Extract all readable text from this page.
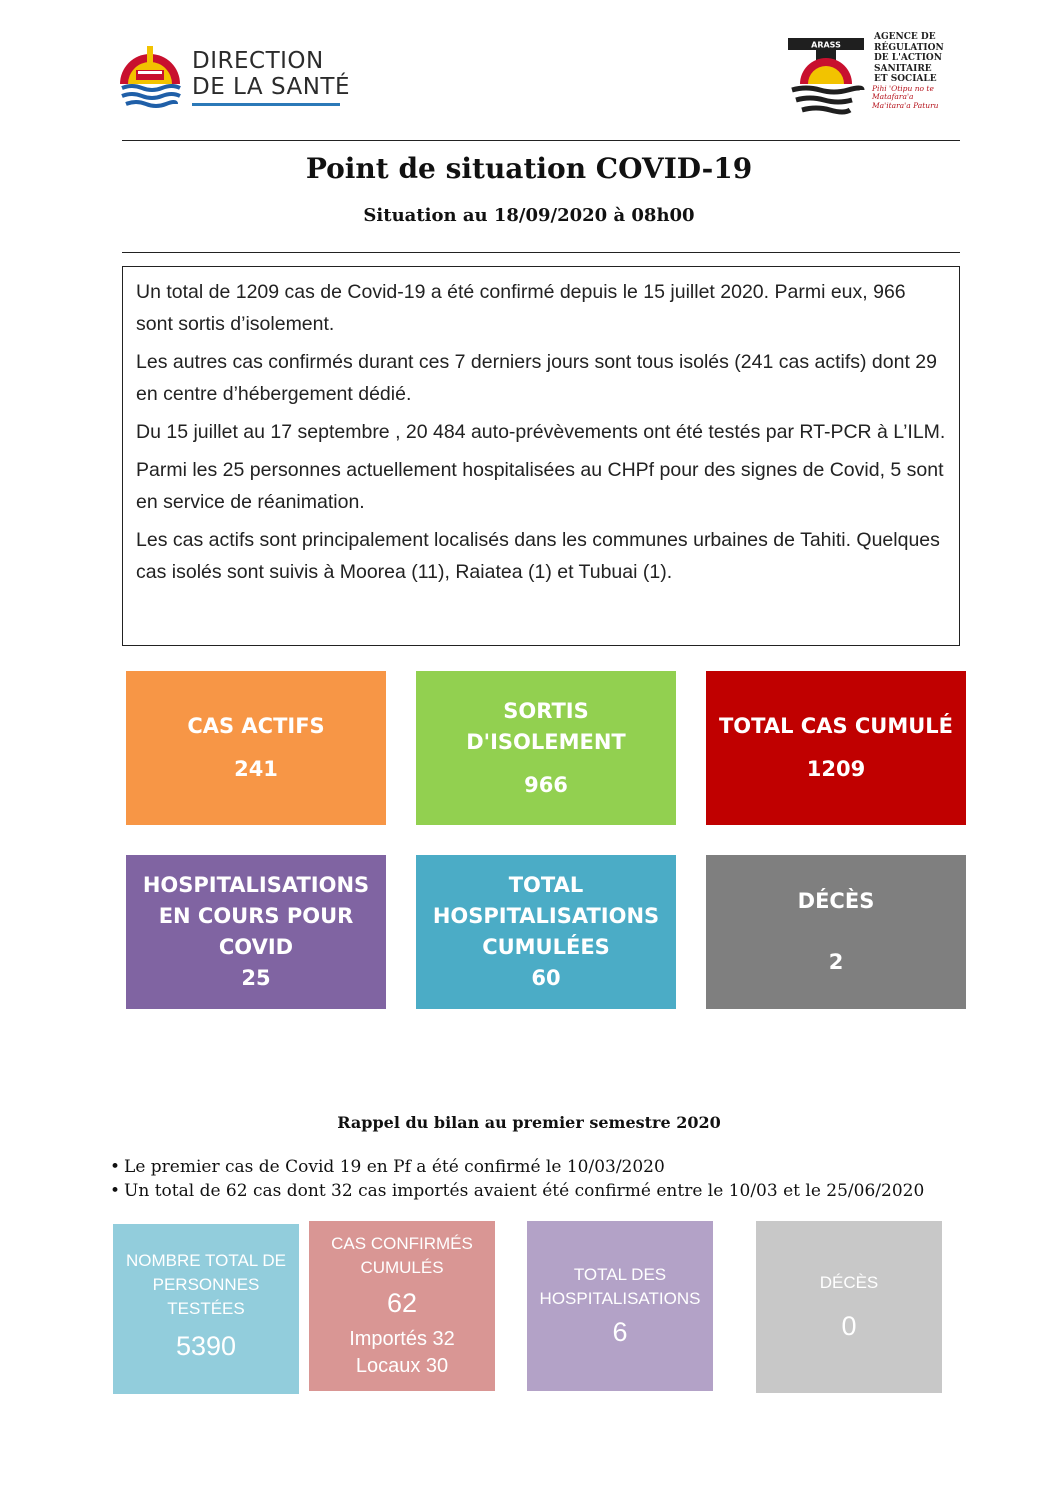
DIRECTION
DE LA SANTÉ
ARASS
AGENCE DE
RÉGULATION
DE L'ACTION
SANITAIRE
ET SOCIALE
Pihi 'Otipu no te Matafara'a Ma'itara'a Paturu
Point de situation COVID-19
Situation au 18/09/2020 à 08h00

Un total de 1209 cas de Covid-19 a été confirmé depuis le 15 juillet 2020. Parmi eux, 966 sont sortis d’isolement.

Les autres cas confirmés durant ces 7 derniers jours sont tous isolés (241 cas actifs) dont 29 en centre d’hébergement dédié.

Du 15 juillet au 17 septembre , 20 484 auto-prévèvements ont été testés par RT-PCR à L’ILM.

Parmi les 25 personnes actuellement hospitalisées au CHPf pour des signes de Covid, 5 sont en service de réanimation.

Les cas actifs sont principalement localisés dans les communes urbaines de Tahiti. Quelques cas isolés sont suivis à Moorea (11), Raiatea (1) et Tubuai (1).

CAS ACTIFS
241
SORTIS D'ISOLEMENT
966
TOTAL CAS CUMULÉ
1209
HOSPITALISATIONS EN COURS POUR COVID
25
TOTAL HOSPITALISATIONS CUMULÉES
60
DÉCÈS
2
Rappel du bilan au premier semestre 2020
• Le premier cas de Covid 19 en Pf a été confirmé le 10/03/2020
• Un total de 62 cas dont 32 cas importés avaient été confirmé entre le 10/03 et le 25/06/2020
NOMBRE TOTAL DE PERSONNES TESTÉES
5390
CAS CONFIRMÉS CUMULÉS
62
Importés 32
Locaux 30
TOTAL DES HOSPITALISATIONS
6
DÉCÈS
0
